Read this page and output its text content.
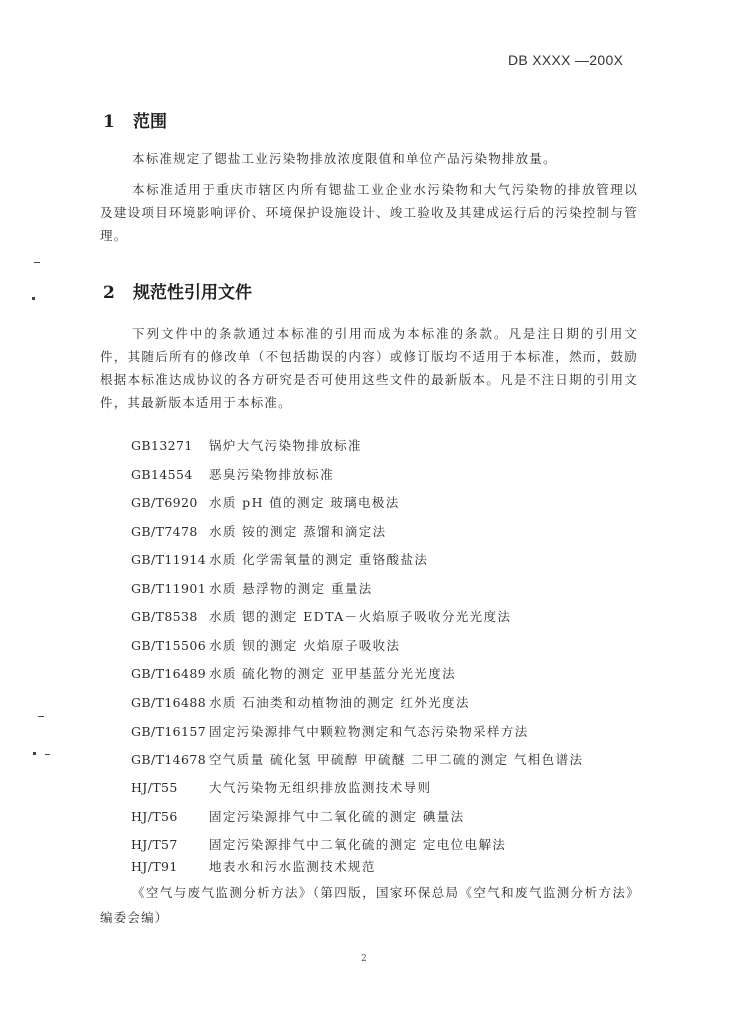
DB XXXX —200X
1 范围

本标准规定了锶盐工业污染物排放浓度限值和单位产品污染物排放量。

本标准适用于重庆市辖区内所有锶盐工业企业水污染物和大气污染物的排放管理以及建设项目环境影响评价、环境保护设施设计、竣工验收及其建成运行后的污染控制与管理。

2 规范性引用文件

下列文件中的条款通过本标准的引用而成为本标准的条款。凡是注日期的引用文件，其随后所有的修改单（不包括勘误的内容）或修订版均不适用于本标准，然而，鼓励根据本标准达成协议的各方研究是否可使用这些文件的最新版本。凡是不注日期的引用文件，其最新版本适用于本标准。

GB13271 锅炉大气污染物排放标准
GB14554 恶臭污染物排放标准
GB/T6920 水质 pH 值的测定 玻璃电极法
GB/T7478 水质 铵的测定 蒸馏和滴定法
GB/T11914 水质 化学需氧量的测定 重铬酸盐法
GB/T11901 水质 悬浮物的测定 重量法
GB/T8538 水质 锶的测定 EDTA－火焰原子吸收分光光度法
GB/T15506 水质 钡的测定 火焰原子吸收法
GB/T16489 水质 硫化物的测定 亚甲基蓝分光光度法
GB/T16488 水质 石油类和动植物油的测定 红外光度法
GB/T16157 固定污染源排气中颗粒物测定和气态污染物采样方法
GB/T14678 空气质量 硫化氢 甲硫醇 甲硫醚 二甲二硫的测定 气相色谱法
HJ/T55 大气污染物无组织排放监测技术导则
HJ/T56 固定污染源排气中二氧化硫的测定 碘量法
HJ/T57 固定污染源排气中二氧化硫的测定 定电位电解法
HJ/T91 地表水和污水监测技术规范

《空气与废气监测分析方法》（第四版，国家环保总局《空气和废气监测分析方法》编委会编）

2
